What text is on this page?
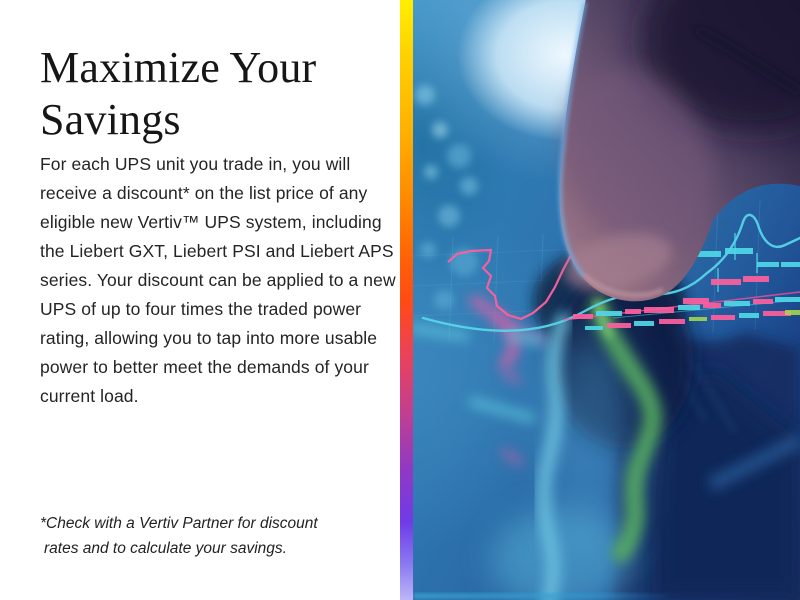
Maximize Your
Savings

For each UPS unit you trade in, you will receive a discount* on the list price of any eligible new Vertiv™ UPS system, including the Liebert GXT, Liebert PSI and Liebert APS series. Your discount can be applied to a new UPS of up to four times the traded power rating, allowing you to tap into more usable power to better meet the demands of your current load.

*Check with a Vertiv Partner for discount
rates and to calculate your savings.
